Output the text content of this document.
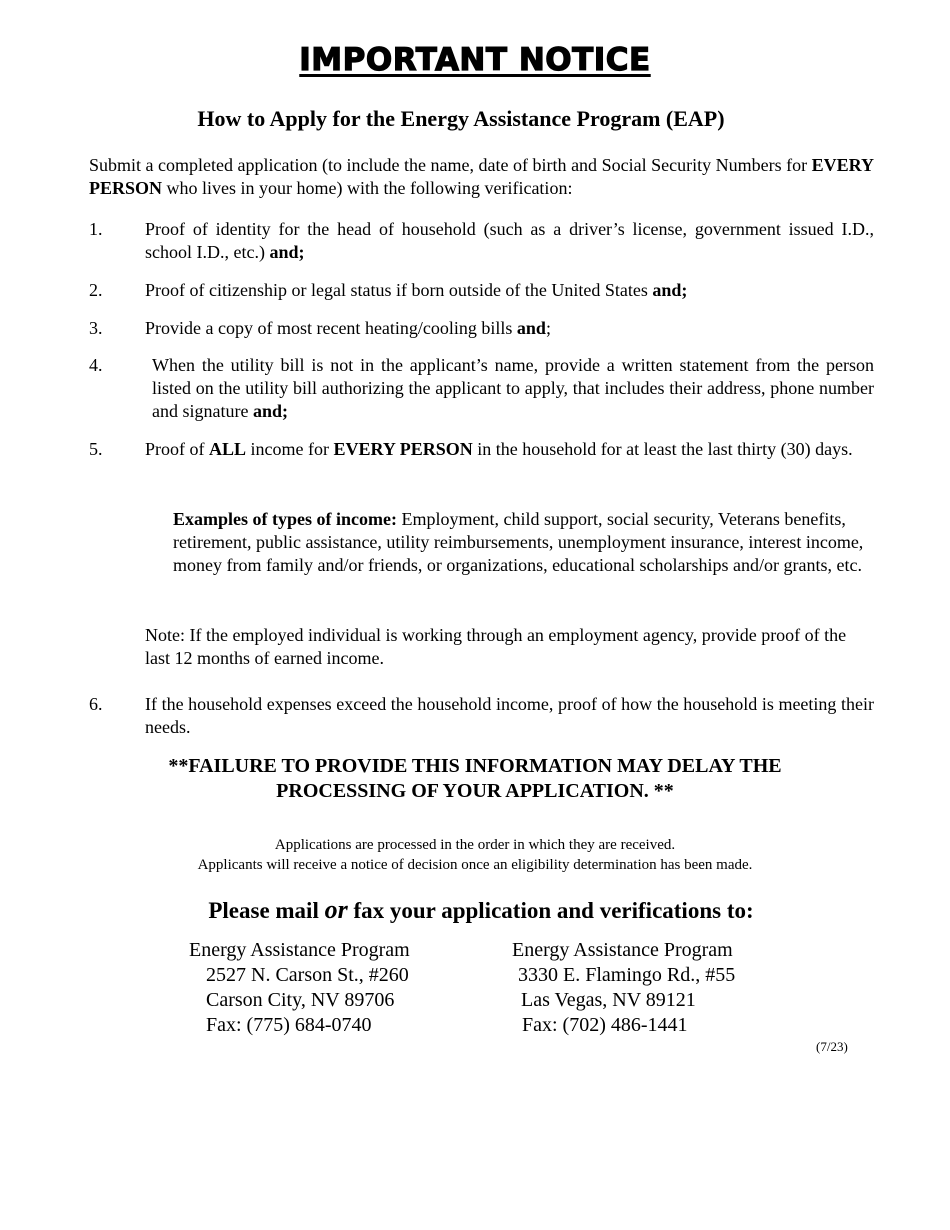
IMPORTANT NOTICE
How to Apply for the Energy Assistance Program (EAP)
Submit a completed application (to include the name, date of birth and Social Security Numbers for EVERY PERSON who lives in your home) with the following verification:
1. Proof of identity for the head of household (such as a driver’s license, government issued I.D., school I.D., etc.) and;
2. Proof of citizenship or legal status if born outside of the United States and;
3. Provide a copy of most recent heating/cooling bills and;
4.	When the utility bill is not in the applicant’s name, provide a written statement from the person listed on the utility bill authorizing the applicant to apply, that includes their address, phone number and signature and;
5. Proof of ALL income for EVERY PERSON in the household for at least the last thirty (30) days.
Examples of types of income: Employment, child support, social security, Veterans benefits, retirement, public assistance, utility reimbursements, unemployment insurance, interest income, money from family and/or friends, or organizations, educational scholarships and/or grants, etc.
Note: If the employed individual is working through an employment agency, provide proof of the last 12 months of earned income.
6. If the household expenses exceed the household income, proof of how the household is meeting their needs.
**FAILURE TO PROVIDE THIS INFORMATION MAY DELAY THE
PROCESSING OF YOUR APPLICATION. **
Applications are processed in the order in which they are received.
Applicants will receive a notice of decision once an eligibility determination has been made.
Please mail or fax your application and verifications to:
Energy Assistance Program
2527 N. Carson St., #260
Carson City, NV 89706
Fax: (775) 684-0740
Energy Assistance Program
3330 E. Flamingo Rd., #55
Las Vegas, NV 89121
Fax: (702) 486-1441
(7/23)
